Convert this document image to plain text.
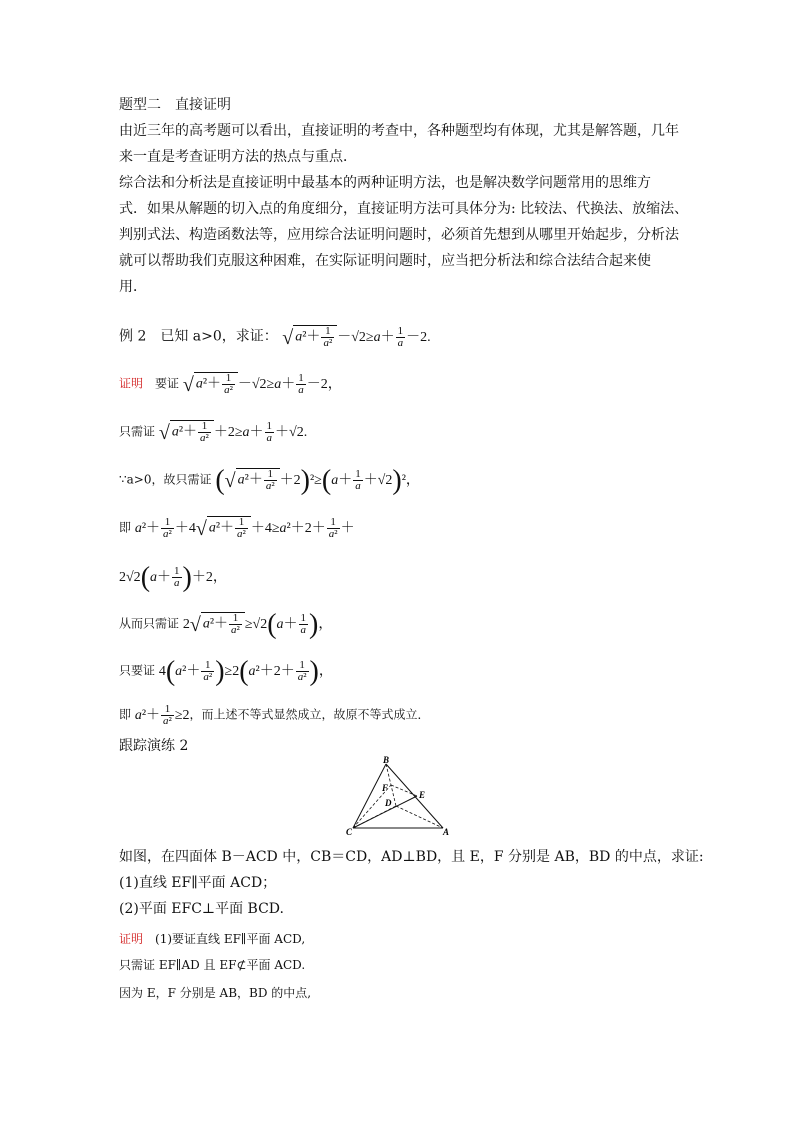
题型二　直接证明
由近三年的高考题可以看出，直接证明的考查中，各种题型均有体现，尤其是解答题，几年
来一直是考查证明方法的热点与重点．
综合法和分析法是直接证明中最基本的两种证明方法，也是解决数学问题常用的思维方
式．如果从解题的切入点的角度细分，直接证明方法可具体分为: 比较法、代换法、放缩法、
判别式法、构造函数法等，应用综合法证明问题时，必须首先想到从哪里开始起步，分析法
就可以帮助我们克服这种困难，在实际证明问题时，应当把分析法和综合法结合起来使
用．
例 2　已知 a>0，求证： √ $a^2+ \frac{1}{\text{a²}} -√2\ge a+ \frac{1}{a} -2$.
证明　 要证 √ $a^2+ \frac{1}{\text{a²}} -√2\ge a+ \frac{1}{a} -2$，
只需证 √ $a^2+ \frac{1}{\text{a²}} +2\ge a+ \frac{1}{a} +√2$.
∵a>0，故只需证 (√ $a^2+ \frac{1}{\text{a²}} +2)^2\ge(a+ \frac{1}{a} +√2)^2$，
即 $a^2+ \frac{1}{\text{a²}} +4√$ $a^2+ \frac{1}{\text{a²}} +4\ge a^2+2+ \frac{1}{\text{a²}}$ ＋
$2√2(a+ \frac{1}{a} )+2$，
从而只需证 2√ $a^2+ \frac{1}{\text{a²}} \ge√2(a+ \frac{1}{a}$ )，
只要证 $4(a^2+ \frac{1}{\text{a²}} )\ge 2(a^2+2+ \frac{1}{\text{a²}}$ )，
即 $a^2+ \frac{1}{\text{a²}} \ge 2$，而上述不等式显然成立，故原不等式成立．
跟踪演练 2
B
C	A
D
E
F
如图，在四面体 B－ACD 中，CB＝CD，AD⊥BD，且 E，F 分别是 AB，BD 的中点，求证:
(1)直线 EF∥平面 ACD；
(2)平面 EFC⊥平面 BCD.
证明　 (1)要证直线 EF∥平面 ACD,
只需证 EF∥AD 且 EF⊄平面 ACD.
因为 E，F 分别是 AB，BD 的中点,
